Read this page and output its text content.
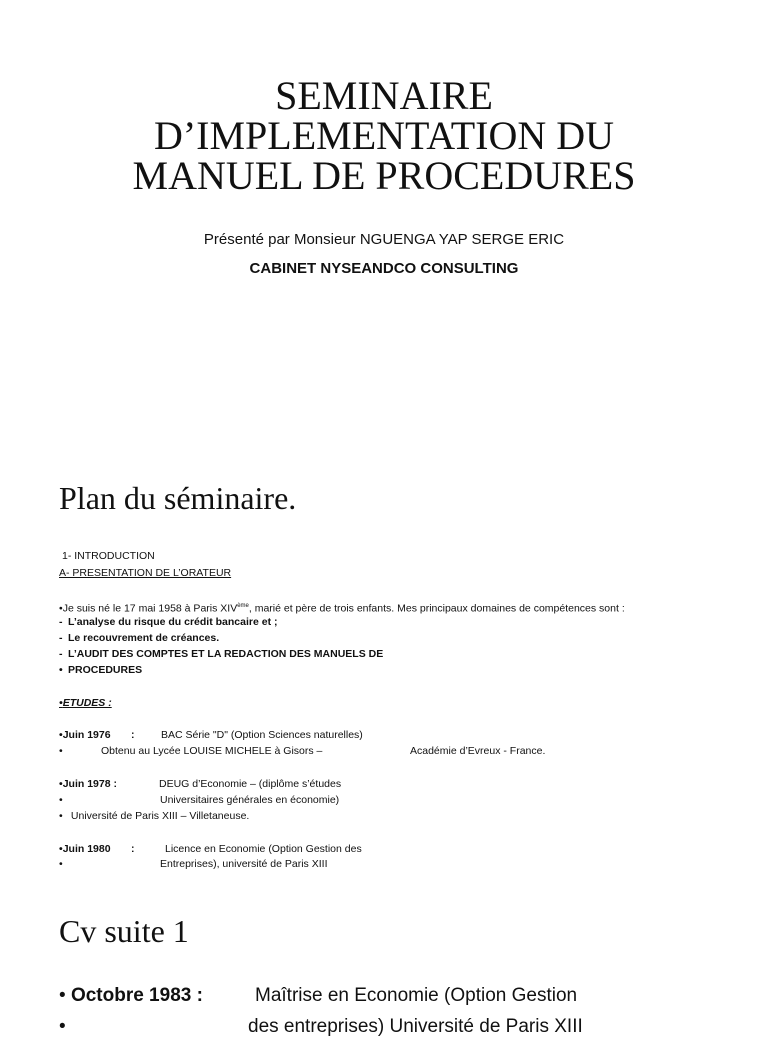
SEMINAIRE
D’IMPLEMENTATION DU
MANUEL DE PROCEDURES
Présenté par Monsieur NGUENGA YAP SERGE ERIC
CABINET NYSEANDCO CONSULTING
Plan du séminaire.
1- INTRODUCTION
A- PRESENTATION DE L’ORATEUR
•Je suis né le 17 mai 1958 à Paris XIVème, marié et père de trois enfants. Mes principaux domaines de compétences sont :
- L’analyse du risque du crédit bancaire et ;
- Le recouvrement de créances.
- L’AUDIT DES COMPTES ET LA REDACTION DES MANUELS DE
• PROCEDURES
•ETUDES :
•Juin 1976 :	BAC Série "D" (Option Sciences naturelles)
•	Obtenu au Lycée LOUISE MICHELE à Gisors –	Académie d’Evreux - France.
•Juin 1978 :	DEUG d’Economie – (diplôme s’études
•	Universitaires générales en économie)
• Université de Paris XIII – Villetaneuse.
•Juin 1980 :	Licence en Economie (Option Gestion des
•	Entreprises), université de Paris XIII
Cv suite 1
• Octobre 1983 :	Maîtrise en Economie (Option Gestion
•	des entreprises) Université de Paris XIII
